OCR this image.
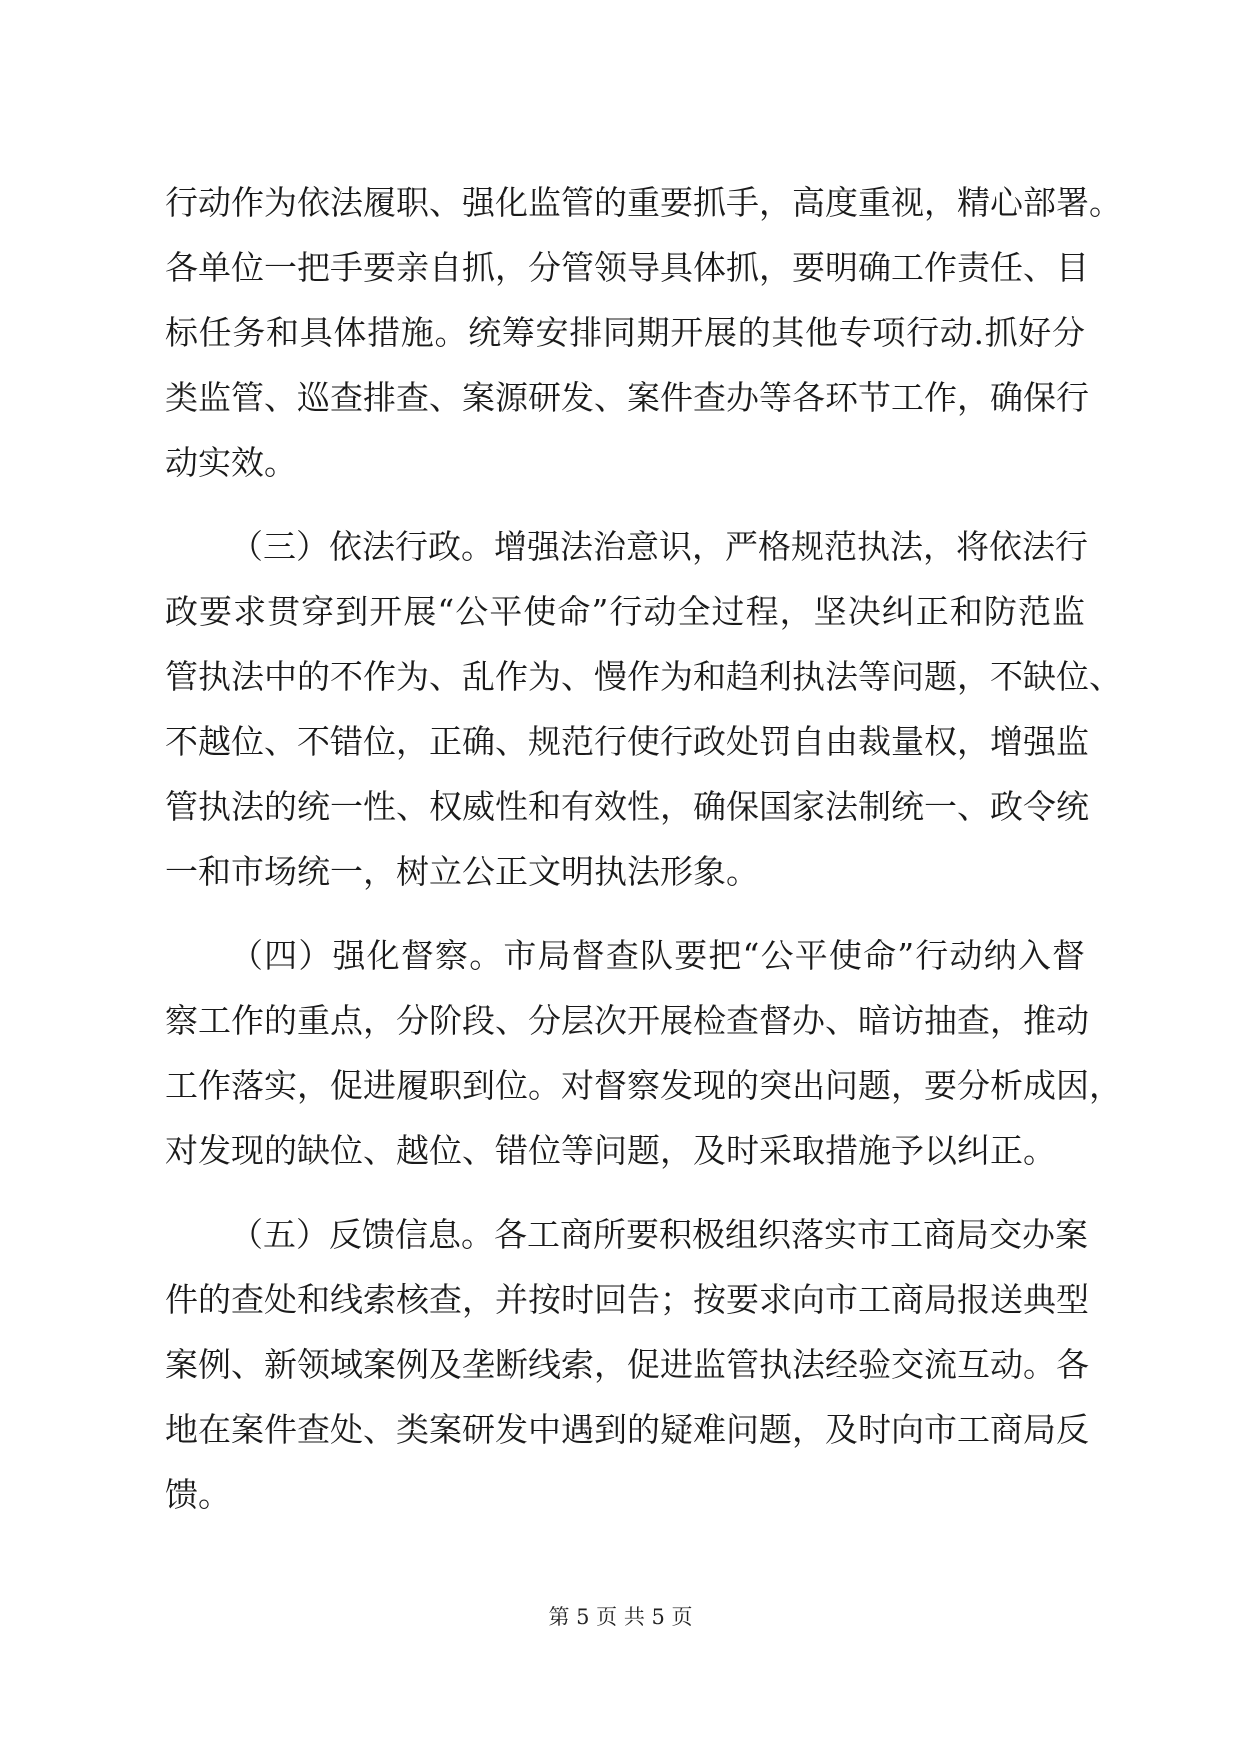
行动作为依法履职、强化监管的重要抓手，高度重视，精心部署。
各单位一把手要亲自抓，分管领导具体抓，要明确工作责任、目
标任务和具体措施。统筹安排同期开展的其他专项行动.抓好分
类监管、巡查排查、案源研发、案件查办等各环节工作，确保行
动实效。
（三）依法行政。增强法治意识，严格规范执法，将依法行
政要求贯穿到开展“公平使命”行动全过程，坚决纠正和防范监
管执法中的不作为、乱作为、慢作为和趋利执法等问题，不缺位、
不越位、不错位，正确、规范行使行政处罚自由裁量权，增强监
管执法的统一性、权威性和有效性，确保国家法制统一、政令统
一和市场统一，树立公正文明执法形象。
（四）强化督察。市局督查队要把“公平使命”行动纳入督
察工作的重点，分阶段、分层次开展检查督办、暗访抽查，推动
工作落实，促进履职到位。对督察发现的突出问题，要分析成因，
对发现的缺位、越位、错位等问题，及时采取措施予以纠正。
（五）反馈信息。各工商所要积极组织落实市工商局交办案
件的查处和线索核查，并按时回告；按要求向市工商局报送典型
案例、新领域案例及垄断线索，促进监管执法经验交流互动。各
地在案件查处、类案研发中遇到的疑难问题，及时向市工商局反
馈。
第 5 页 共 5 页
